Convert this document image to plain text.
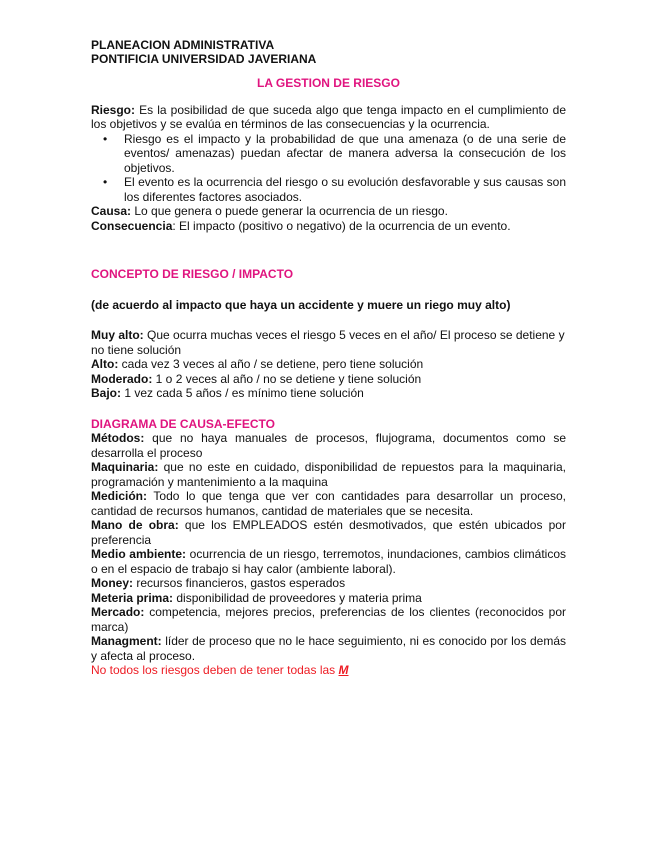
PLANEACION ADMINISTRATIVA

PONTIFICIA UNIVERSIDAD JAVERIANA

LA GESTION DE RIESGO

Riesgo: Es la posibilidad de que suceda algo que tenga impacto en el cumplimiento de los objetivos y se evalúa en términos de las consecuencias y la ocurrencia.

• Riesgo es el impacto y la probabilidad de que una amenaza (o de una serie de eventos/ amenazas) puedan afectar de manera adversa la consecución de los objetivos.
• El evento es la ocurrencia del riesgo o su evolución desfavorable y sus causas son los diferentes factores asociados.

Causa: Lo que genera o puede generar la ocurrencia de un riesgo.

Consecuencia: El impacto (positivo o negativo) de la ocurrencia de un evento.

CONCEPTO DE RIESGO / IMPACTO

(de acuerdo al impacto que haya un accidente y muere un riego muy alto)

Muy alto: Que ocurra muchas veces el riesgo 5 veces en el año/ El proceso se detiene y no tiene solución

Alto: cada vez 3 veces al año / se detiene, pero tiene solución

Moderado: 1 o 2 veces al año / no se detiene y tiene solución

Bajo: 1 vez cada 5 años / es mínimo tiene solución

DIAGRAMA DE CAUSA-EFECTO

Métodos: que no haya manuales de procesos, flujograma, documentos como se desarrolla el proceso

Maquinaria: que no este en cuidado, disponibilidad de repuestos para la maquinaria, programación y mantenimiento a la maquina

Medición: Todo lo que tenga que ver con cantidades para desarrollar un proceso, cantidad de recursos humanos, cantidad de materiales que se necesita.

Mano de obra: que los EMPLEADOS estén desmotivados, que estén ubicados por preferencia

Medio ambiente: ocurrencia de un riesgo, terremotos, inundaciones, cambios climáticos o en el espacio de trabajo si hay calor (ambiente laboral).

Money: recursos financieros, gastos esperados

Meteria prima: disponibilidad de proveedores y materia prima

Mercado: competencia, mejores precios, preferencias de los clientes (reconocidos por marca)

Managment: líder de proceso que no le hace seguimiento, ni es conocido por los demás y afecta al proceso.

No todos los riesgos deben de tener todas las M
